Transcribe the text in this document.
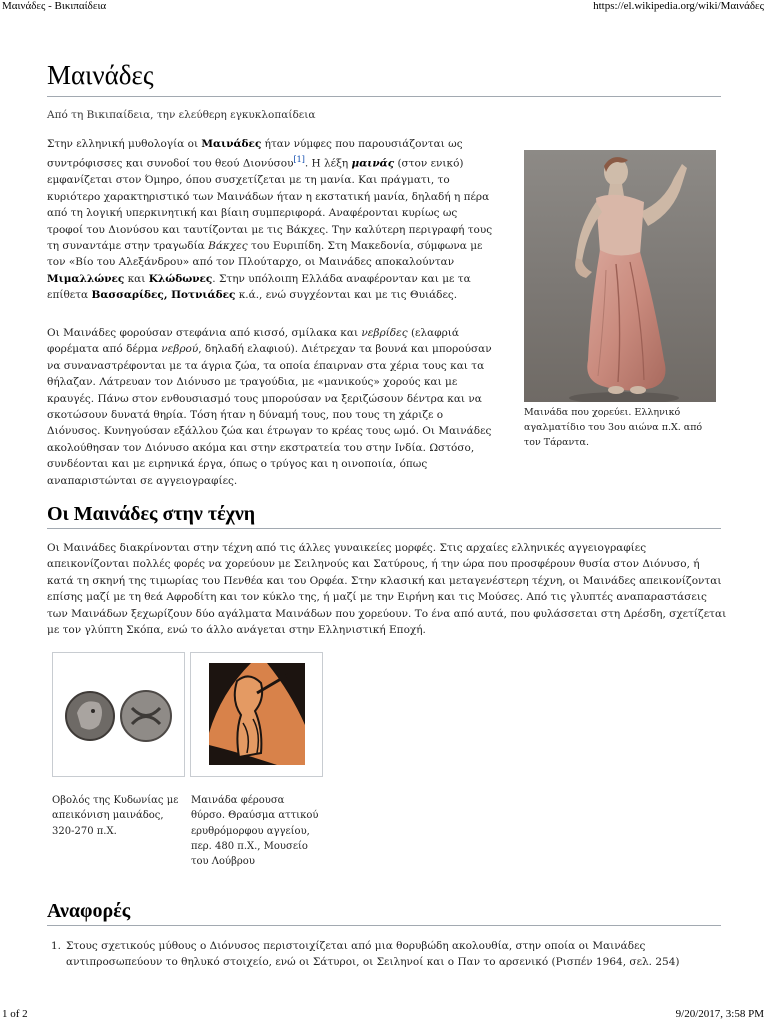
Μαινάδες - Βικιπαίδεια	https://el.wikipedia.org/wiki/Μαινάδες
Μαινάδες
Από τη Βικιπαίδεια, την ελεύθερη εγκυκλοπαίδεια

Στην ελληνική μυθολογία οι Μαινάδες ήταν νύμφες που παρουσιάζονται ως συντρόφισσες και συνοδοί του θεού Διονύσου[1]. Η λέξη μαινάς (στον ενικό) εμφανίζεται στον Όμηρο, όπου συσχετίζεται με τη μανία. Και πράγματι, το κυριότερο χαρακτηριστικό των Μαινάδων ήταν η εκστατική μανία, δηλαδή η πέρα από τη λογική υπερκινητική και βίαιη συμπεριφορά. Αναφέρονται κυρίως ως τροφοί του Διονύσου και ταυτίζονται με τις Βάκχες. Την καλύτερη περιγραφή τους τη συναντάμε στην τραγωδία Βάκχες του Ευριπίδη. Στη Μακεδονία, σύμφωνα με τον «Βίο του Αλεξάνδρου» από τον Πλούταρχο, οι Μαινάδες αποκαλούνταν Μιμαλλώνες και Κλώδωνες. Στην υπόλοιπη Ελλάδα αναφέρονταν και με τα επίθετα Βασσαρίδες, Ποτνιάδες κ.ά., ενώ συγχέονται και με τις Θυιάδες.

Οι Μαινάδες φορούσαν στεφάνια από κισσό, σμίλακα και νεβρίδες (ελαφριά φορέματα από δέρμα νεβρού, δηλαδή ελαφιού). Διέτρεχαν τα βουνά και μπορούσαν να συναναστρέφονται με τα άγρια ζώα, τα οποία έπαιρναν στα χέρια τους και τα θήλαζαν. Λάτρευαν τον Διόνυσο με τραγούδια, με «μανικούς» χορούς και με κραυγές. Πάνω στον ενθουσιασμό τους μπορούσαν να ξεριζώσουν δέντρα και να σκοτώσουν δυνατά θηρία. Τόση ήταν η δύναμή τους, που τους τη χάριζε ο Διόνυσος. Κυνηγούσαν εξάλλου ζώα και έτρωγαν το κρέας τους ωμό. Οι Μαινάδες ακολούθησαν τον Διόνυσο ακόμα και στην εκστρατεία του στην Ινδία. Ωστόσο, συνδέονται και με ειρηνικά έργα, όπως ο τρύγος και η οινοποιία, όπως αναπαριστώνται σε αγγειογραφίες.

Μαινάδα που χορεύει. Ελληνικό αγαλματίδιο του 3ου αιώνα π.Χ. από τον Τάραντα.
Οι Μαινάδες στην τέχνη

Οι Μαινάδες διακρίνονται στην τέχνη από τις άλλες γυναικείες μορφές. Στις αρχαίες ελληνικές αγγειογραφίες απεικονίζονται πολλές φορές να χορεύουν με Σειληνούς και Σατύρους, ή την ώρα που προσφέρουν θυσία στον Διόνυσο, ή κατά τη σκηνή της τιμωρίας του Πενθέα και του Ορφέα. Στην κλασική και μεταγενέστερη τέχνη, οι Μαινάδες απεικονίζονται επίσης μαζί με τη θεά Αφροδίτη και τον κύκλο της, ή μαζί με την Ειρήνη και τις Μούσες. Από τις γλυπτές αναπαραστάσεις των Μαινάδων ξεχωρίζουν δύο αγάλματα Μαινάδων που χορεύουν. Το ένα από αυτά, που φυλάσσεται στη Δρέσδη, σχετίζεται με τον γλύπτη Σκόπα, ενώ το άλλο ανάγεται στην Ελληνιστική Εποχή.

Οβολός της Κυδωνίας με απεικόνιση μαινάδος, 320-270 π.Χ.
Μαινάδα φέρουσα θύρσο. Θραύσμα αττικού ερυθρόμορφου αγγείου, περ. 480 π.Χ., Μουσείο του Λούβρου
Αναφορές
1. Στους σχετικούς μύθους ο Διόνυσος περιστοιχίζεται από μια θορυβώδη ακολουθία, στην οποία οι Μαινάδες αντιπροσωπεύουν το θηλυκό στοιχείο, ενώ οι Σάτυροι, οι Σειληνοί και ο Παν το αρσενικό (Ρισπέν 1964, σελ. 254)
1 of 2	9/20/2017, 3:58 PM
